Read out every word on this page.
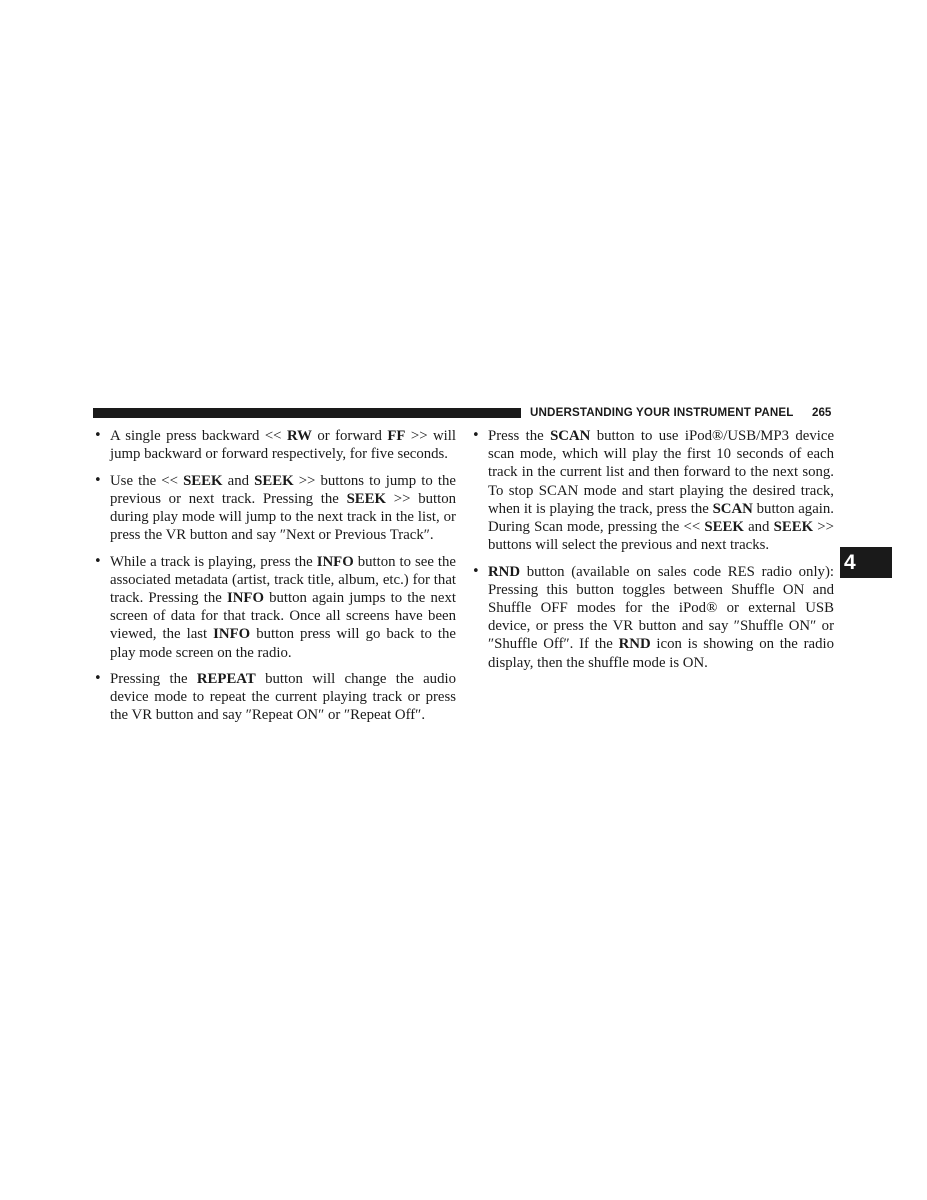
UNDERSTANDING YOUR INSTRUMENT PANEL	265
4
• A single press backward << RW or forward FF >> will jump backward or forward respectively, for five seconds.
• Use the << SEEK and SEEK >> buttons to jump to the previous or next track. Pressing the SEEK >> button during play mode will jump to the next track in the list, or press the VR button and say ″Next or Previous Track″.
• While a track is playing, press the INFO button to see the associated metadata (artist, track title, album, etc.) for that track. Pressing the INFO button again jumps to the next screen of data for that track. Once all screens have been viewed, the last INFO button press will go back to the play mode screen on the radio.
• Pressing the REPEAT button will change the audio device mode to repeat the current playing track or press the VR button and say ″Repeat ON″ or ″Repeat Off″.
• Press the SCAN button to use iPod®/USB/MP3 device scan mode, which will play the first 10 seconds of each track in the current list and then forward to the next song. To stop SCAN mode and start playing the desired track, when it is playing the track, press the SCAN button again. During Scan mode, pressing the << SEEK and SEEK >> buttons will select the previous and next tracks.
• RND button (available on sales code RES radio only): Pressing this button toggles between Shuffle ON and Shuffle OFF modes for the iPod® or external USB device, or press the VR button and say ″Shuffle ON″ or ″Shuffle Off″. If the RND icon is showing on the radio display, then the shuffle mode is ON.
